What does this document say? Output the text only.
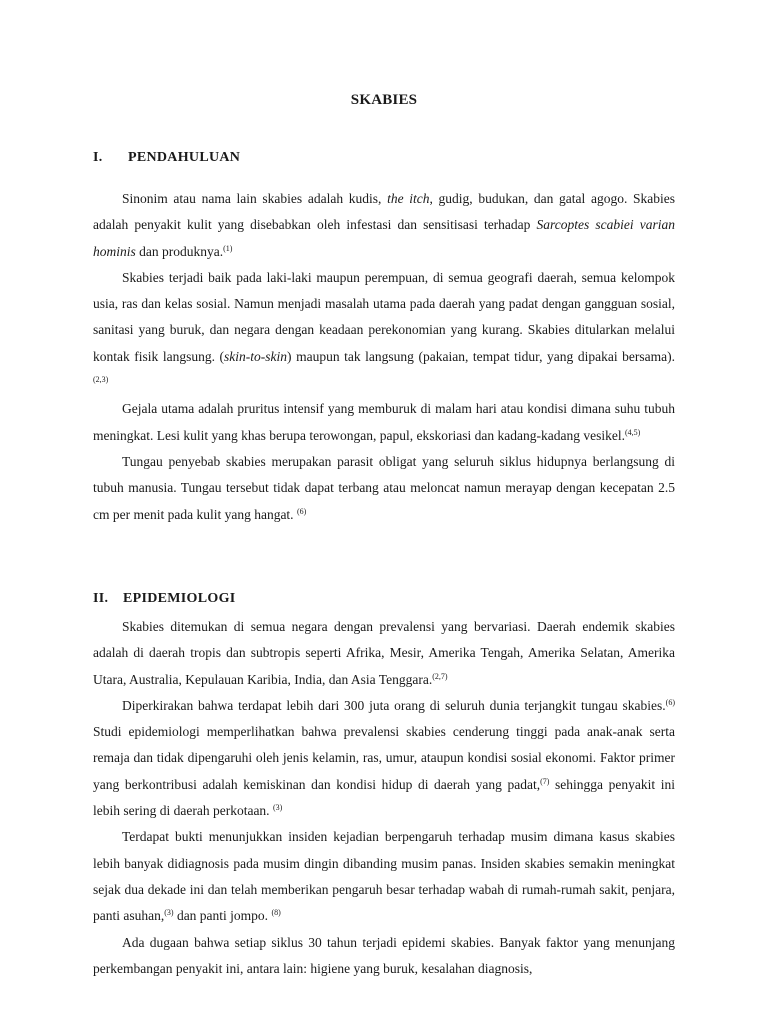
SKABIES
I. PENDAHULUAN

Sinonim atau nama lain skabies adalah kudis, the itch, gudig, budukan, dan gatal agogo. Skabies adalah penyakit kulit yang disebabkan oleh infestasi dan sensitisasi terhadap Sarcoptes scabiei varian hominis dan produknya.$^{(1)}$

Skabies terjadi baik pada laki-laki maupun perempuan, di semua geografi daerah, semua kelompok usia, ras dan kelas sosial. Namun menjadi masalah utama pada daerah yang padat dengan gangguan sosial, sanitasi yang buruk, dan negara dengan keadaan perekonomian yang kurang. Skabies ditularkan melalui kontak fisik langsung. (skin-to-skin) maupun tak langsung (pakaian, tempat tidur, yang dipakai bersama).$^{(2,3)}$

Gejala utama adalah pruritus intensif yang memburuk di malam hari atau kondisi dimana suhu tubuh meningkat. Lesi kulit yang khas berupa terowongan, papul, ekskoriasi dan kadang-kadang vesikel.$^{(4,5)}$

Tungau penyebab skabies merupakan parasit obligat yang seluruh siklus hidupnya berlangsung di tubuh manusia. Tungau tersebut tidak dapat terbang atau meloncat namun merayap dengan kecepatan 2.5 cm per menit pada kulit yang hangat. $^{(6)}$

II. EPIDEMIOLOGI

Skabies ditemukan di semua negara dengan prevalensi yang bervariasi. Daerah endemik skabies adalah di daerah tropis dan subtropis seperti Afrika, Mesir, Amerika Tengah, Amerika Selatan, Amerika Utara, Australia, Kepulauan Karibia, India, dan Asia Tenggara.$^{(2,7)}$

Diperkirakan bahwa terdapat lebih dari 300 juta orang di seluruh dunia terjangkit tungau skabies.$^{(6)}$ Studi epidemiologi memperlihatkan bahwa prevalensi skabies cenderung tinggi pada anak-anak serta remaja dan tidak dipengaruhi oleh jenis kelamin, ras, umur, ataupun kondisi sosial ekonomi. Faktor primer yang berkontribusi adalah kemiskinan dan kondisi hidup di daerah yang padat,$^{(7)}$ sehingga penyakit ini lebih sering di daerah perkotaan. $^{(3)}$

Terdapat bukti menunjukkan insiden kejadian berpengaruh terhadap musim dimana kasus skabies lebih banyak didiagnosis pada musim dingin dibanding musim panas. Insiden skabies semakin meningkat sejak dua dekade ini dan telah memberikan pengaruh besar terhadap wabah di rumah-rumah sakit, penjara, panti asuhan,$^{(3)}$ dan panti jompo. $^{(8)}$

Ada dugaan bahwa setiap siklus 30 tahun terjadi epidemi skabies. Banyak faktor yang menunjang perkembangan penyakit ini, antara lain: higiene yang buruk, kesalahan diagnosis,
